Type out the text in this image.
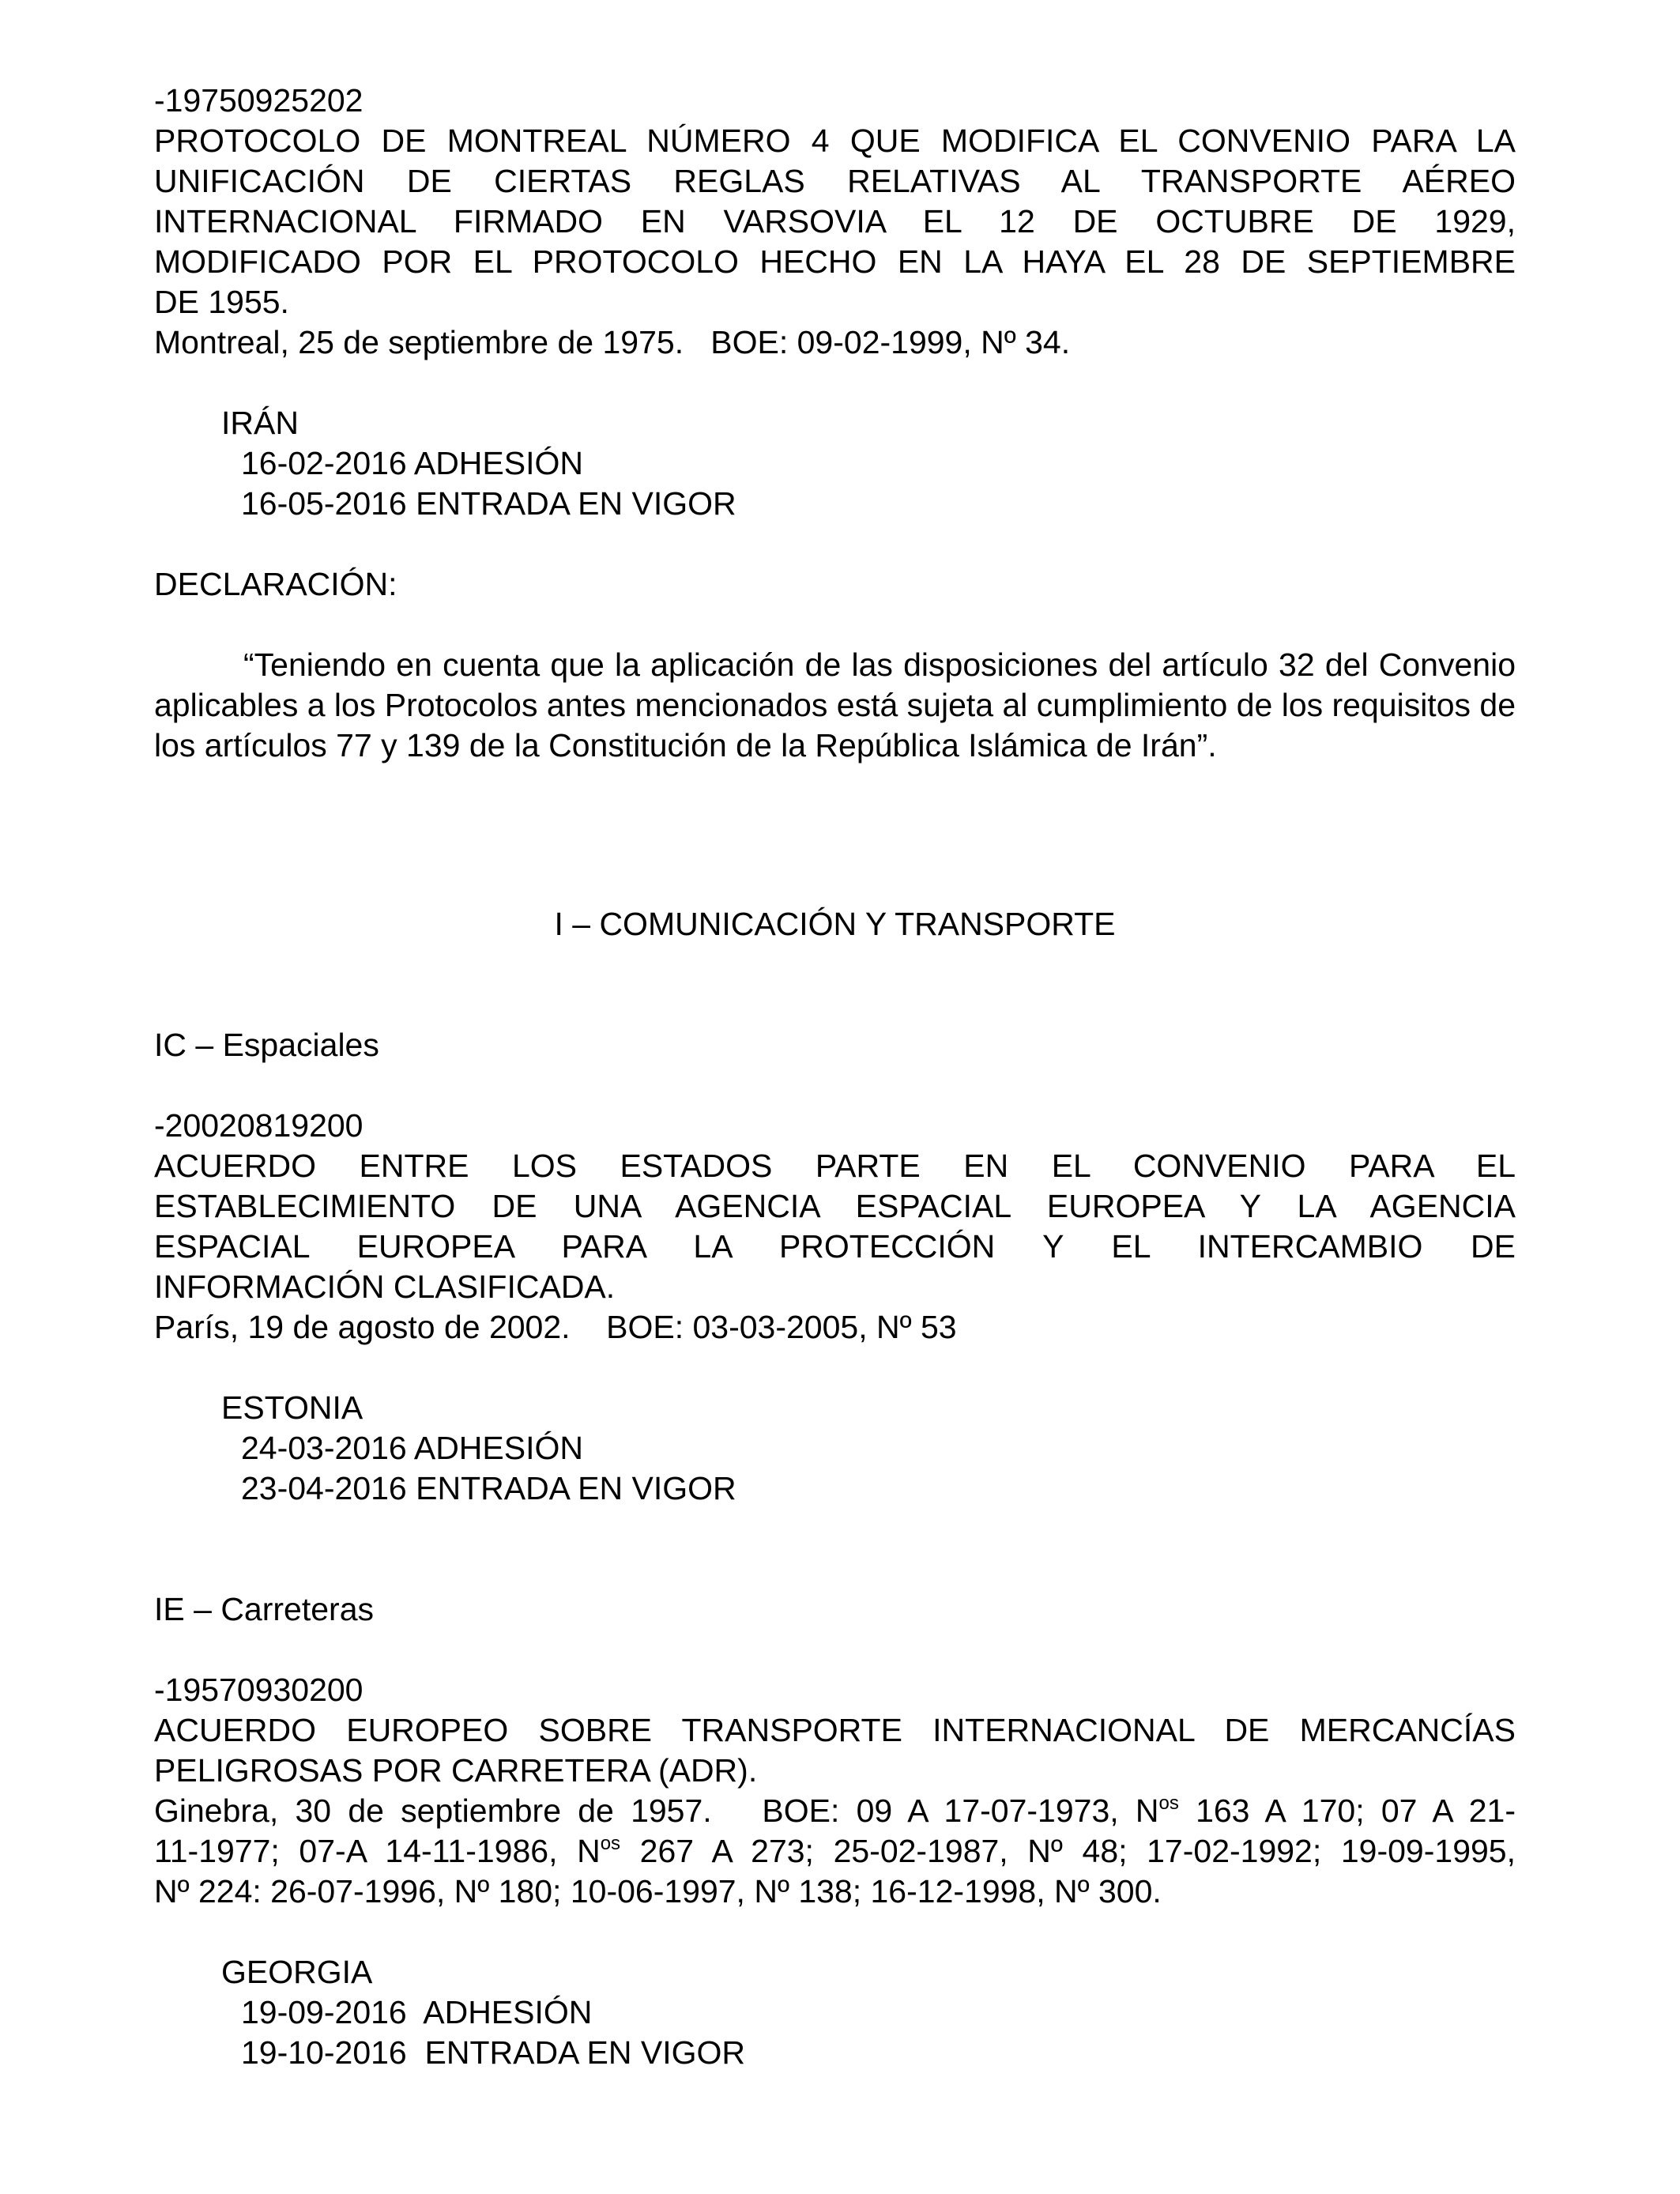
-19750925202
PROTOCOLO DE MONTREAL NÚMERO 4 QUE MODIFICA EL CONVENIO PARA LA
UNIFICACIÓN DE CIERTAS REGLAS RELATIVAS AL TRANSPORTE AÉREO
INTERNACIONAL FIRMADO EN VARSOVIA EL 12 DE OCTUBRE DE 1929,
MODIFICADO POR EL PROTOCOLO HECHO EN LA HAYA EL 28 DE SEPTIEMBRE
DE 1955.
Montreal, 25 de septiembre de 1975.   BOE: 09-02-1999, Nº 34.
IRÁN
16-02-2016 ADHESIÓN
16-05-2016 ENTRADA EN VIGOR
DECLARACIÓN:
“Teniendo en cuenta que la aplicación de las disposiciones del artículo 32 del Convenio aplicables a los Protocolos antes mencionados está sujeta al cumplimiento de los requisitos de los artículos 77 y 139 de la Constitución de la República Islámica de Irán”.
I – COMUNICACIÓN Y TRANSPORTE
IC – Espaciales
-20020819200
ACUERDO ENTRE LOS ESTADOS PARTE EN EL CONVENIO PARA EL
ESTABLECIMIENTO DE UNA AGENCIA ESPACIAL EUROPEA Y LA AGENCIA
ESPACIAL EUROPEA PARA LA PROTECCIÓN Y EL INTERCAMBIO DE
INFORMACIÓN CLASIFICADA.
París, 19 de agosto de 2002.    BOE: 03-03-2005, Nº 53
ESTONIA
24-03-2016 ADHESIÓN
23-04-2016 ENTRADA EN VIGOR
IE – Carreteras
-19570930200
ACUERDO EUROPEO SOBRE TRANSPORTE INTERNACIONAL DE MERCANCÍAS
PELIGROSAS POR CARRETERA (ADR).
Ginebra, 30 de septiembre de 1957.   BOE: 09 A 17-07-1973, $N^{os}$ 163 A 170; 07 A 21-
11-1977; 07-A 14-11-1986, $N^{os}$ 267 A 273; 25-02-1987, Nº 48; 17-02-1992; 19-09-1995,
Nº 224: 26-07-1996, Nº 180; 10-06-1997, Nº 138; 16-12-1998, Nº 300.
GEORGIA
19-09-2016  ADHESIÓN
19-10-2016  ENTRADA EN VIGOR
